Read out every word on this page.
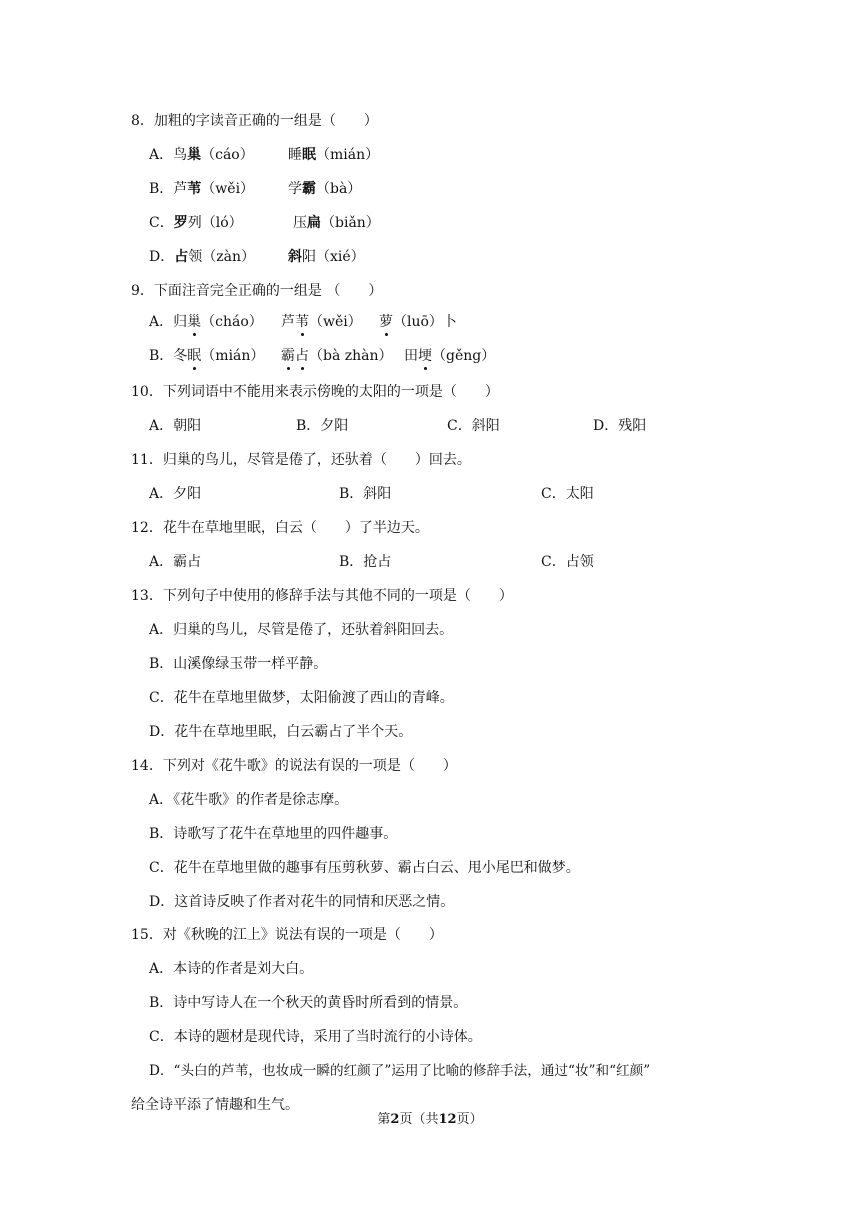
8．加粗的字读音正确的一组是（　　）
A．鸟巢（cáo） 睡眠（mián）
B．芦苇（wěi） 学霸（bà）
C．罗列（ló）	压扁（biǎn）
D．占领（zàn） 斜阳（xié）
9．下面注音完全正确的一组是 （　　）
A．归巢（cháo） 芦苇（wěi） 萝（luō）卜
B．冬眠（mián） 霸占（bà zhàn） 田埂（gěng）
10．下列词语中不能用来表示傍晚的太阳的一项是（　　）
A．朝阳	B．夕阳	C．斜阳	D．残阳
11．归巢的鸟儿，尽管是倦了，还驮着（　　）回去。
A．夕阳	B．斜阳	C．太阳
12．花牛在草地里眠，白云（　　）了半边天。
A．霸占	B．抢占	C．占领
13．下列句子中使用的修辞手法与其他不同的一项是（　　）
A．归巢的鸟儿，尽管是倦了，还驮着斜阳回去。
B．山溪像绿玉带一样平静。
C．花牛在草地里做梦，太阳偷渡了西山的青峰。
D．花牛在草地里眠，白云霸占了半个天。
14．下列对《花牛歌》的说法有误的一项是（　　）
A．《花牛歌》的作者是徐志摩。
B．诗歌写了花牛在草地里的四件趣事。
C．花牛在草地里做的趣事有压剪秋萝、霸占白云、甩小尾巴和做梦。
D．这首诗反映了作者对花牛的同情和厌恶之情。
15．对《秋晚的江上》说法有误的一项是（　　）
A．本诗的作者是刘大白。
B．诗中写诗人在一个秋天的黄昏时所看到的情景。
C．本诗的题材是现代诗，采用了当时流行的小诗体。
D．“头白的芦苇，也妆成一瞬的红颜了”运用了比喻的修辞手法，通过“妆”和“红颜”
给全诗平添了情趣和生气。
第2页（共12页）
